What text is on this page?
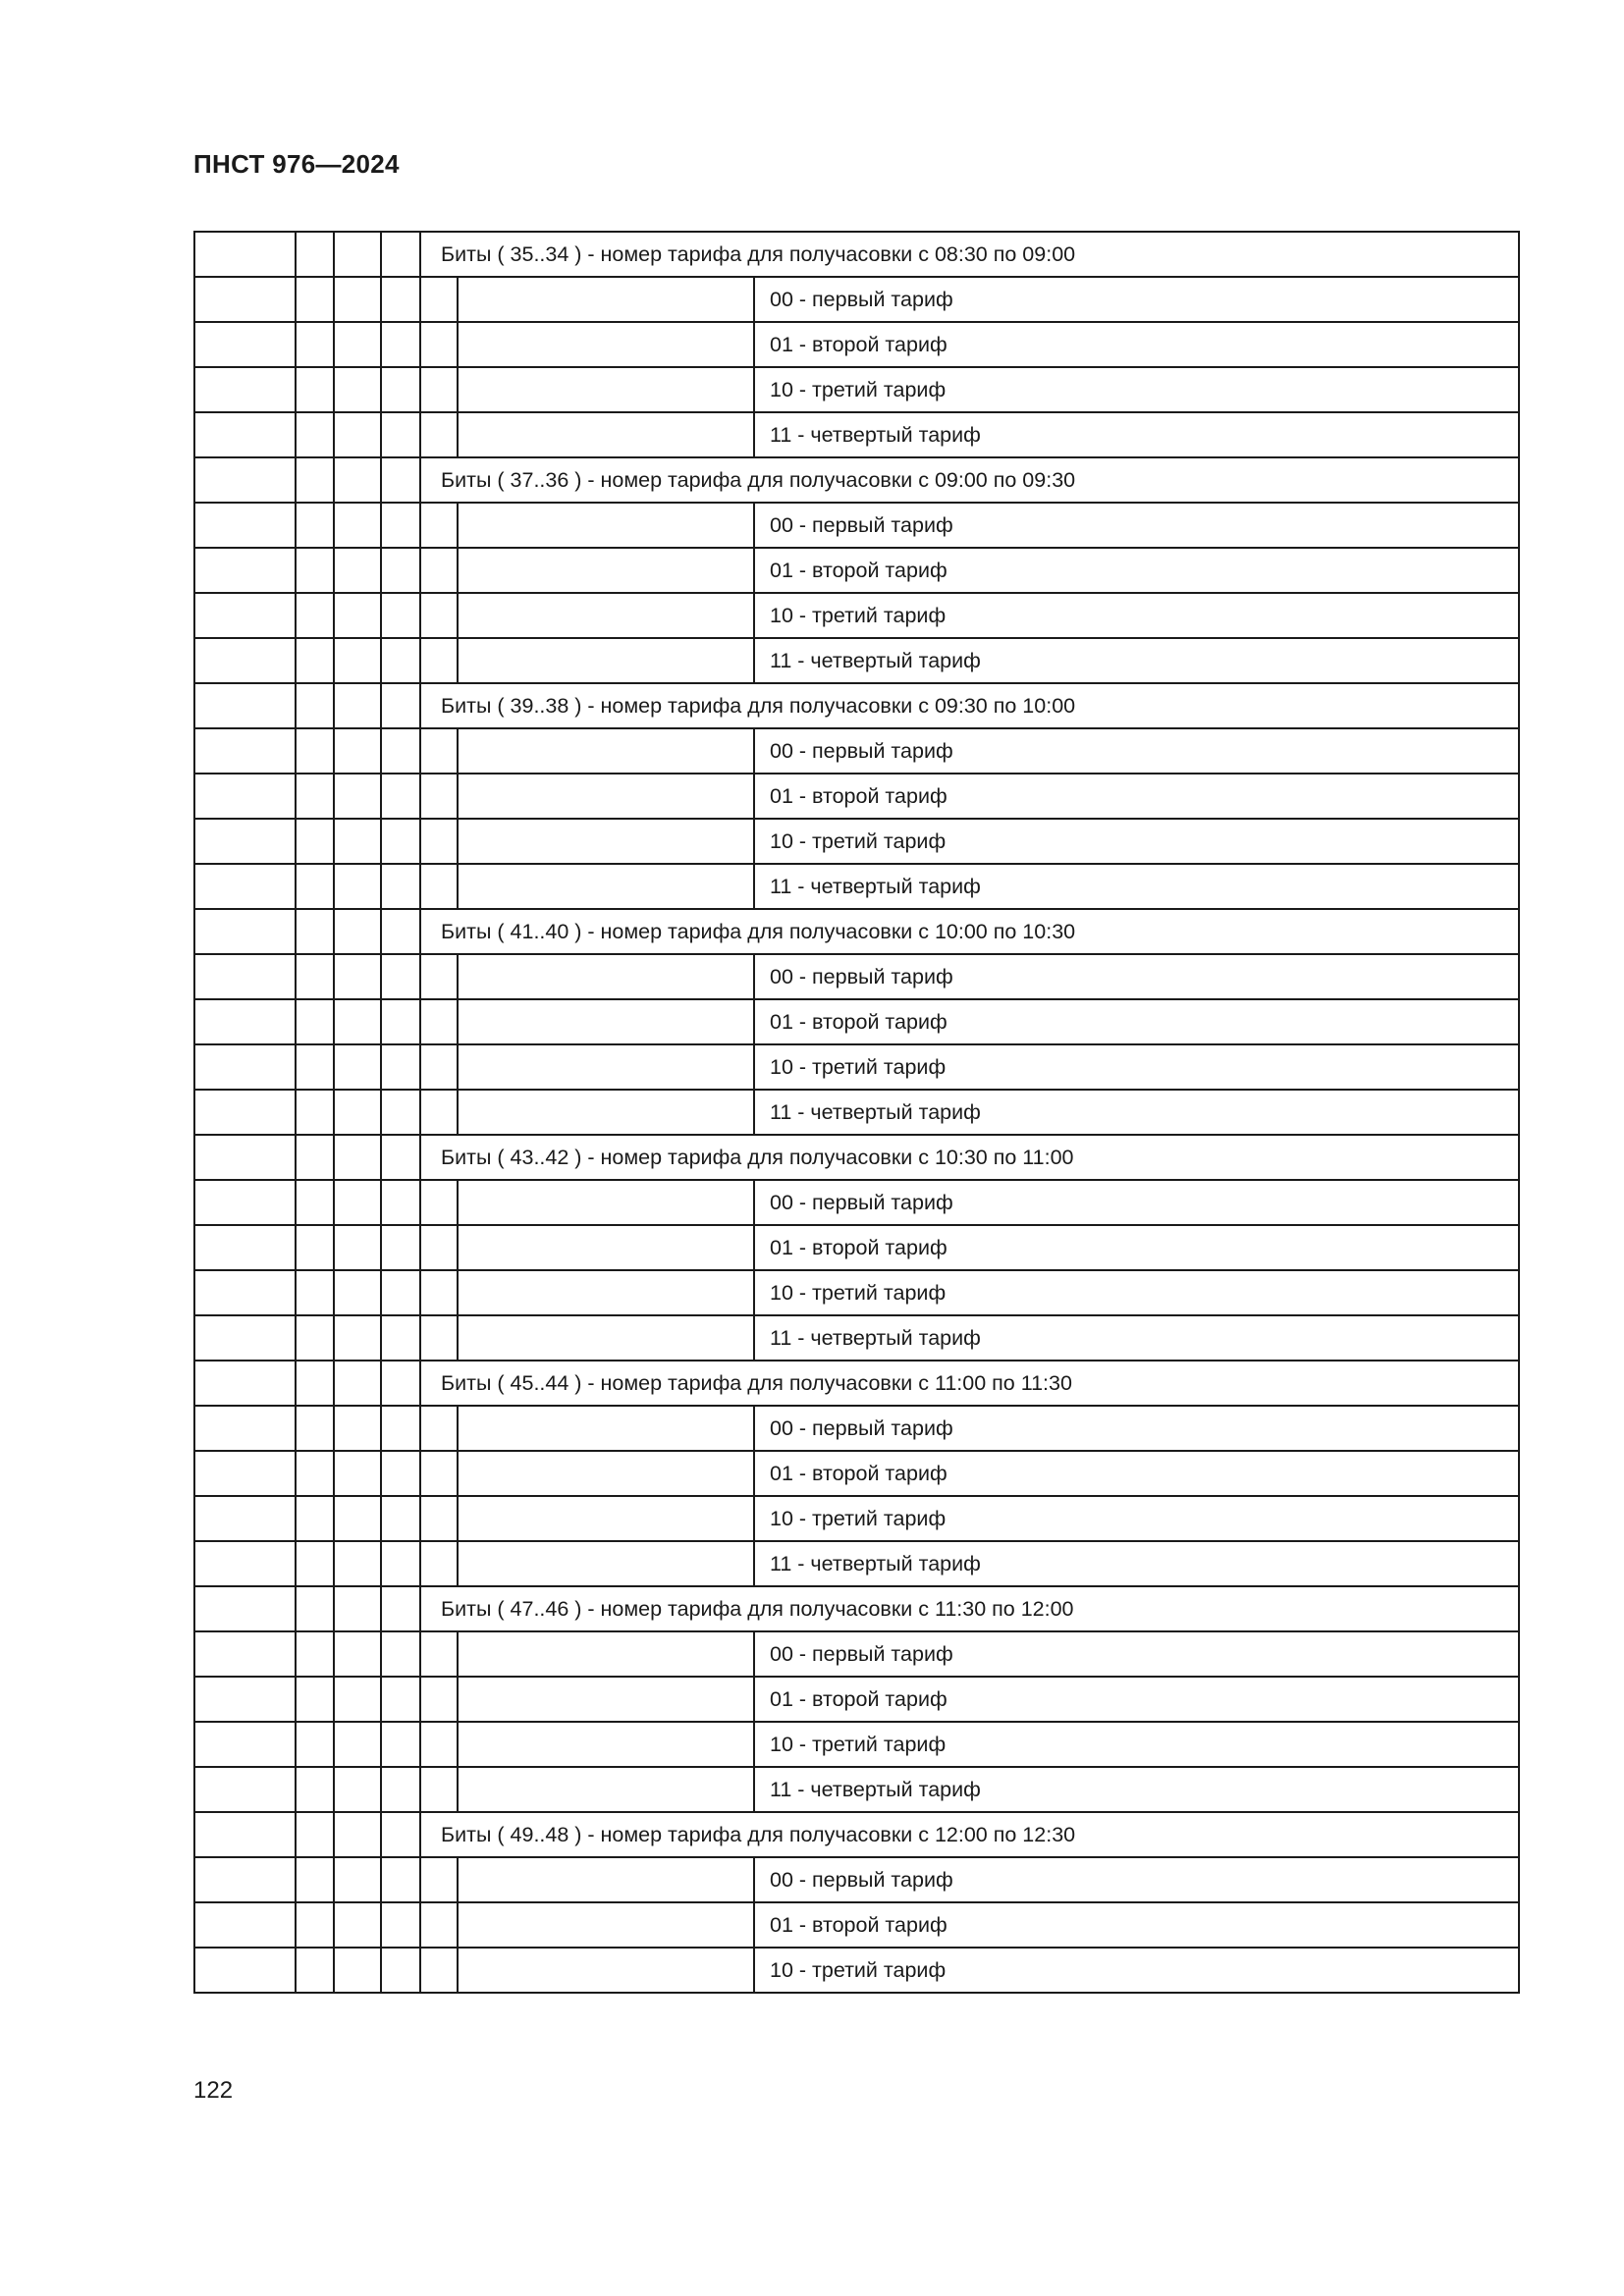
ПНСТ 976—2024
				Биты ( 35..34 ) - номер тарифа для получасовки с 08:30 по 09:00		
						00 - первый тариф
						01 - второй тариф
						10 - третий тариф
						11 - четвертый тариф
				Биты ( 37..36 ) - номер тарифа для получасовки с 09:00 по 09:30		
						00 - первый тариф
						01 - второй тариф
						10 - третий тариф
						11 - четвертый тариф
				Биты ( 39..38 ) - номер тарифа для получасовки с 09:30 по 10:00		
						00 - первый тариф
						01 - второй тариф
						10 - третий тариф
						11 - четвертый тариф
				Биты ( 41..40 ) - номер тарифа для получасовки с 10:00 по 10:30		
						00 - первый тариф
						01 - второй тариф
						10 - третий тариф
						11 - четвертый тариф
				Биты ( 43..42 ) - номер тарифа для получасовки с 10:30 по 11:00		
						00 - первый тариф
						01 - второй тариф
						10 - третий тариф
						11 - четвертый тариф
				Биты ( 45..44 ) - номер тарифа для получасовки с 11:00 по 11:30		
						00 - первый тариф
						01 - второй тариф
						10 - третий тариф
						11 - четвертый тариф
				Биты ( 47..46 ) - номер тарифа для получасовки с 11:30 по 12:00		
						00 - первый тариф
						01 - второй тариф
						10 - третий тариф
						11 - четвертый тариф
				Биты ( 49..48 ) - номер тарифа для получасовки с 12:00 по 12:30		
						00 - первый тариф
						01 - второй тариф
						10 - третий тариф
122
